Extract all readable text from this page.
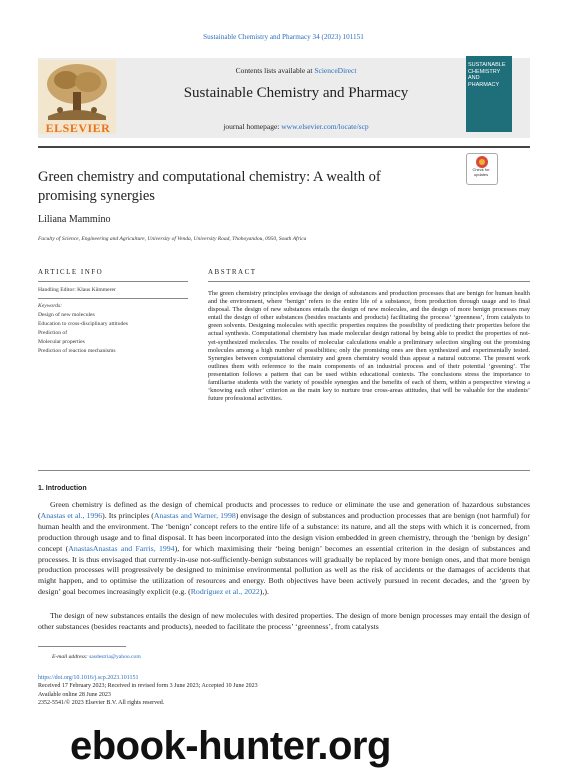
Sustainable Chemistry and Pharmacy 34 (2023) 101151
ELSEVIER
Contents lists available at ScienceDirect
Sustainable Chemistry and Pharmacy
journal homepage: www.elsevier.com/locate/scp
SUSTAINABLE CHEMISTRY AND PHARMACY
Green chemistry and computational chemistry: A wealth of promising synergies
Check for updates
Liliana Mammino
Faculty of Science, Engineering and Agriculture, University of Venda, University Road, Thohoyandou, 0950, South Africa
ARTICLE INFO
Handling Editor: Klaus Kümmerer
Keywords:
Design of new molecules
Education to cross-disciplinary attitudes
Prediction of
Molecular properties
Prediction of reaction mechanisms
ABSTRACT
The green chemistry principles envisage the design of substances and production processes that are benign for human health and the environment, where ‘benign’ refers to the entire life of a substance, from production through usage and to final disposal. The design of new substances entails the design of new molecules, and the design of more benign processes may entail the design of other substances (besides reactants and products) facilitating the process’ ‘greenness’, from catalysts to green solvents. Designing molecules with specific properties requires the possibility of predicting their properties before the actual synthesis. Computational chemistry has made molecular design rational by being able to predict the properties of not-yet-synthesized molecules. The results of molecular calculations enable a preliminary selection singling out the promising molecules among a high number of possibilities; only the promising ones are then synthesized and experimentally tested. Synergies between computational chemistry and green chemistry would thus appear a natural outcome. The present work outlines them with reference to the main components of an industrial process and of their potential ‘greening’. The presentation follows a pattern that can be used within educational contexts. The conclusions stress the importance to familiarise students with the variety of possible synergies and the benefits of each of them, within a perspective viewing a ‘knowing each other’ criterion as the main key to nurture true cross-areas attitudes, that will be valuable for the students’ future professional activities.
1. Introduction
Green chemistry is defined as the design of chemical products and processes to reduce or eliminate the use and generation of hazardous substances (Anastas et al., 1996). Its principles (Anastas and Warner, 1998) envisage the design of substances and production processes that are benign (not harmful) for human health and the environment. The ‘benign’ concept refers to the entire life of a substance: its nature, and all the steps with which it is concerned, from production through usage and to final disposal. It has been incorporated into the design vision embedded in green chemistry, through the ‘benign by design’ concept (AnastasAnastas and Farris, 1994), for which maximising their ‘being benign’ becomes an essential criterion in the design of substances and processes. It is thus envisaged that currently-in-use not-sufficiently-benign substances will gradually be replaced by more benign ones, and that more benign production processes will progressively be designed to minimise environmental pollution as well as the risk of accidents or the damages of accidents that might happen, and to optimise the utilization of resources and energy. Both objectives have been actively pursued in recent decades, and the ‘green by design’ goal becomes increasingly explicit (e.g. (Rodríguez et al., 2022),).
The design of new substances entails the design of new molecules with desired properties. The design of more benign processes may entail the design of other substances (besides reactants and products), needed to facilitate the process’ ‘greenness’, from catalysts
E-mail address: sasdestria@yahoo.com
https://doi.org/10.1016/j.scp.2023.101151
Received 17 February 2023; Received in revised form 3 June 2023; Accepted 10 June 2023
Available online 28 June 2023
2352-5541/© 2023 Elsevier B.V. All rights reserved.
ebook-hunter.org
